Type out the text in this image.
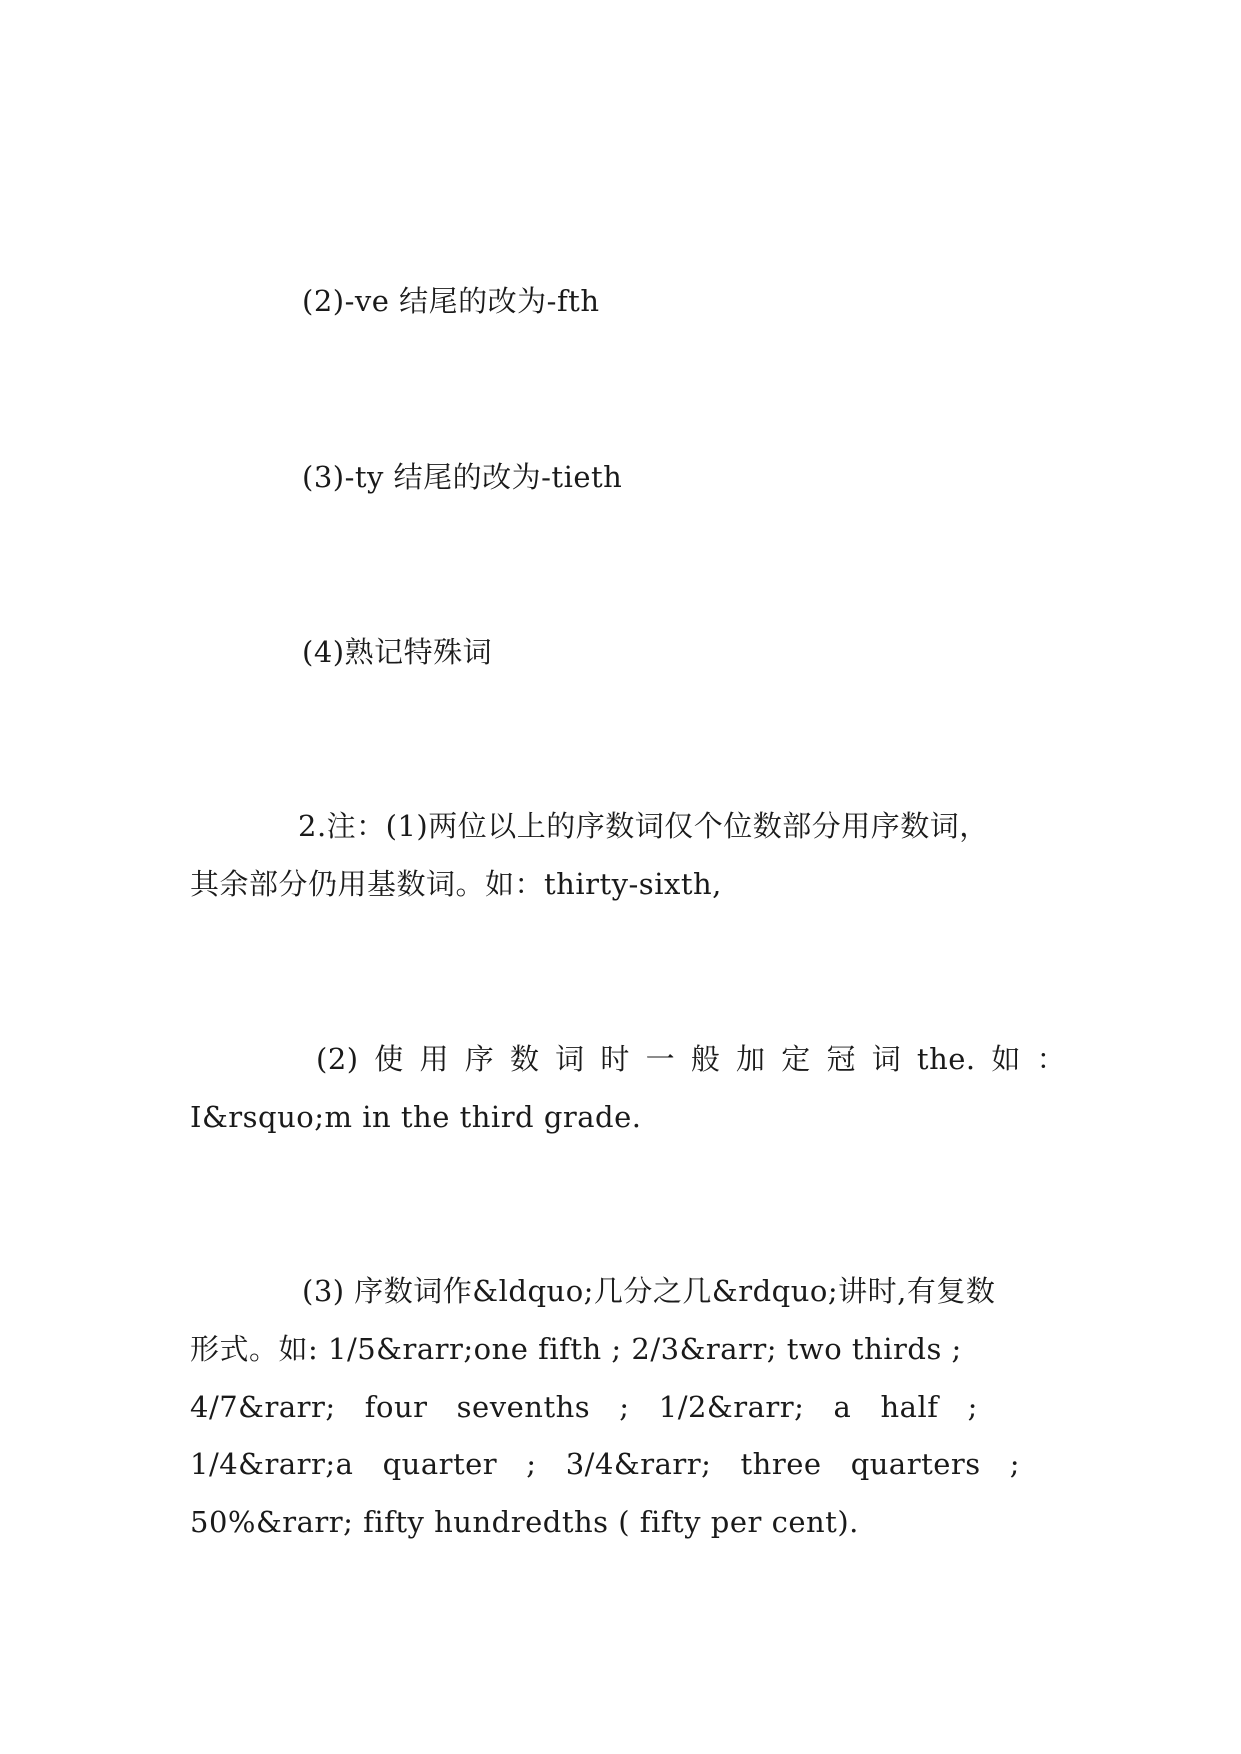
(2)-ve 结尾的改为-fth
(3)-ty 结尾的改为-tieth
(4)熟记特殊词
2.注：(1)两位以上的序数词仅个位数部分用序数词，
其余部分仍用基数词。如：thirty-sixth,
(2) 使 用 序 数 词 时 一 般 加 定 冠 词 the. 如 ：
I&rsquo;m in the third grade.
(3) 序数词作&ldquo;几分之几&rdquo;讲时,有复数
形式。如: 1/5&rarr;one fifth ; 2/3&rarr; two thirds ;
4/7&rarr;   four   sevenths   ;   1/2&rarr;   a   half   ;
1/4&rarr;a   quarter   ;   3/4&rarr;   three   quarters   ;
50%&rarr; fifty hundredths ( fifty per cent).
